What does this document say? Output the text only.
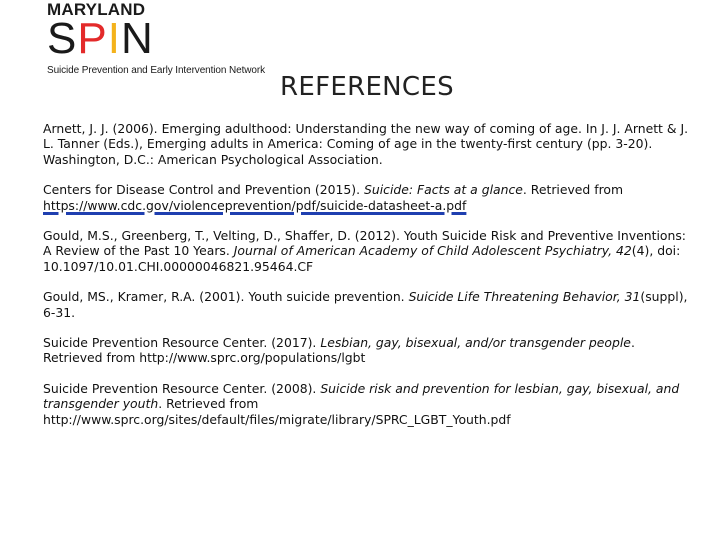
MARYLAND
SPIN
Suicide Prevention and Early Intervention Network
REFERENCES

Arnett, J. J. (2006). Emerging adulthood: Understanding the new way of coming of age. In J. J. Arnett & J. L. Tanner (Eds.), Emerging adults in America: Coming of age in the twenty-first century (pp. 3-20). Washington, D.C.: American Psychological Association.

Centers for Disease Control and Prevention (2015). Suicide: Facts at a glance. Retrieved from https://www.cdc.gov/violenceprevention/pdf/suicide-datasheet-a.pdf

Gould, M.S., Greenberg, T., Velting, D., Shaffer, D. (2012). Youth Suicide Risk and Preventive Inventions: A Review of the Past 10 Years. Journal of American Academy of Child Adolescent Psychiatry, 42(4), doi: 10.1097/10.01.CHI.00000046821.95464.CF

Gould, MS., Kramer, R.A. (2001). Youth suicide prevention. Suicide Life Threatening Behavior, 31(suppl), 6-31.

Suicide Prevention Resource Center. (2017). Lesbian, gay, bisexual, and/or transgender people. Retrieved from http://www.sprc.org/populations/lgbt

Suicide Prevention Resource Center. (2008). Suicide risk and prevention for lesbian, gay, bisexual, and transgender youth. Retrieved from http://www.sprc.org/sites/default/files/migrate/library/SPRC_LGBT_Youth.pdf
